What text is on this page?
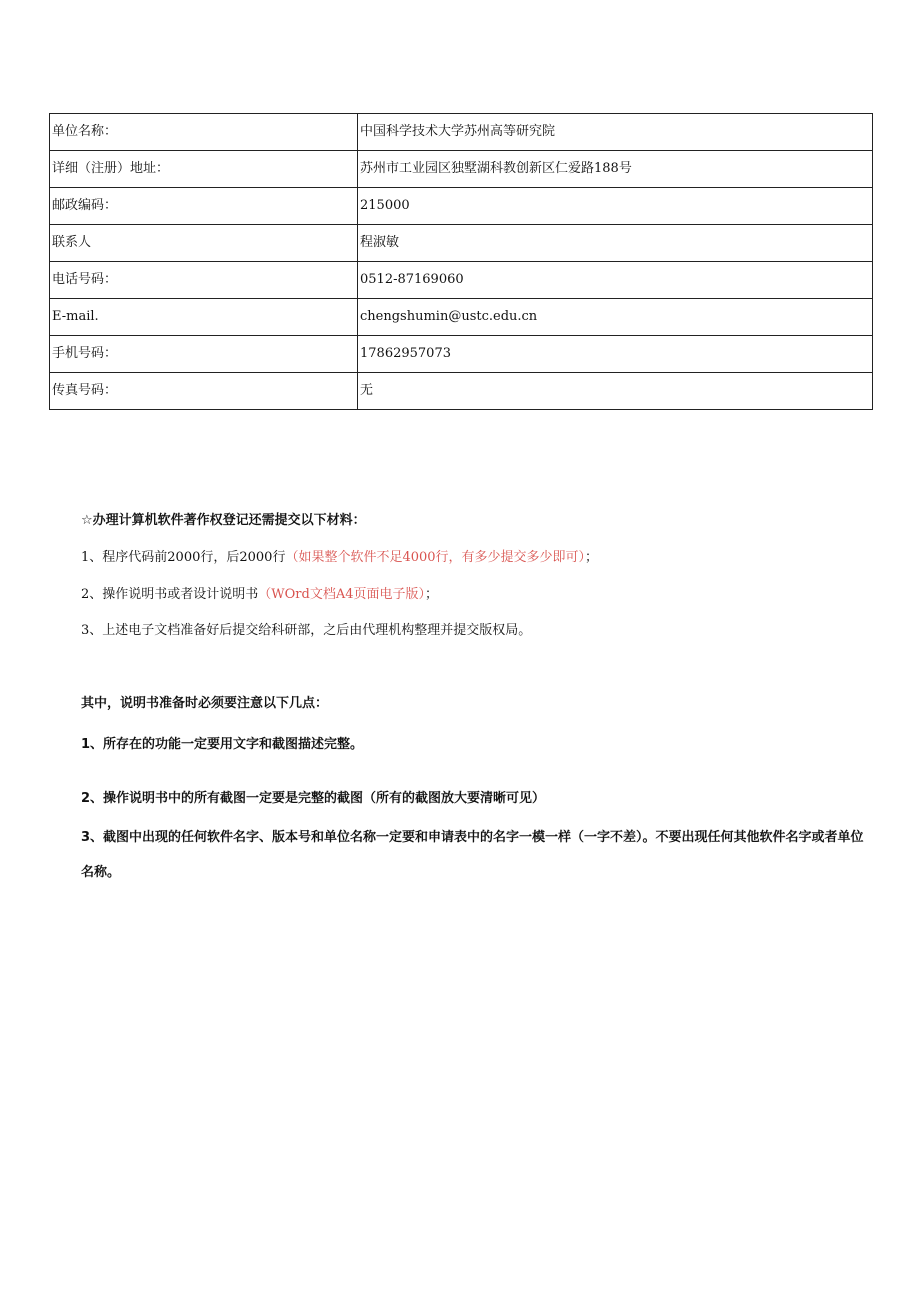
单位名称：	中国科学技术大学苏州高等研究院
详细（注册）地址：	苏州市工业园区独墅湖科教创新区仁爱路188号
邮政编码：	215000
联系人	程淑敏
电话号码：	0512-87169060
E-mail.	chengshumin@ustc.edu.cn
手机号码：	17862957073
传真号码：	无
☆办理计算机软件著作权登记还需提交以下材料：
1、程序代码前2000行，后2000行（如果整个软件不足4000行，有多少提交多少即可）；
2、操作说明书或者设计说明书（WOrd文档A4页面电子版）；
3、上述电子文档准备好后提交给科研部，之后由代理机构整理并提交版权局。
其中，说明书准备时必须要注意以下几点：
1、所存在的功能一定要用文字和截图描述完整。
2、操作说明书中的所有截图一定要是完整的截图（所有的截图放大要清晰可见）
3、截图中出现的任何软件名字、版本号和单位名称一定要和申请表中的名字一模一样（一字不差）。不要出现任何其他软件名字或者单位名称。
